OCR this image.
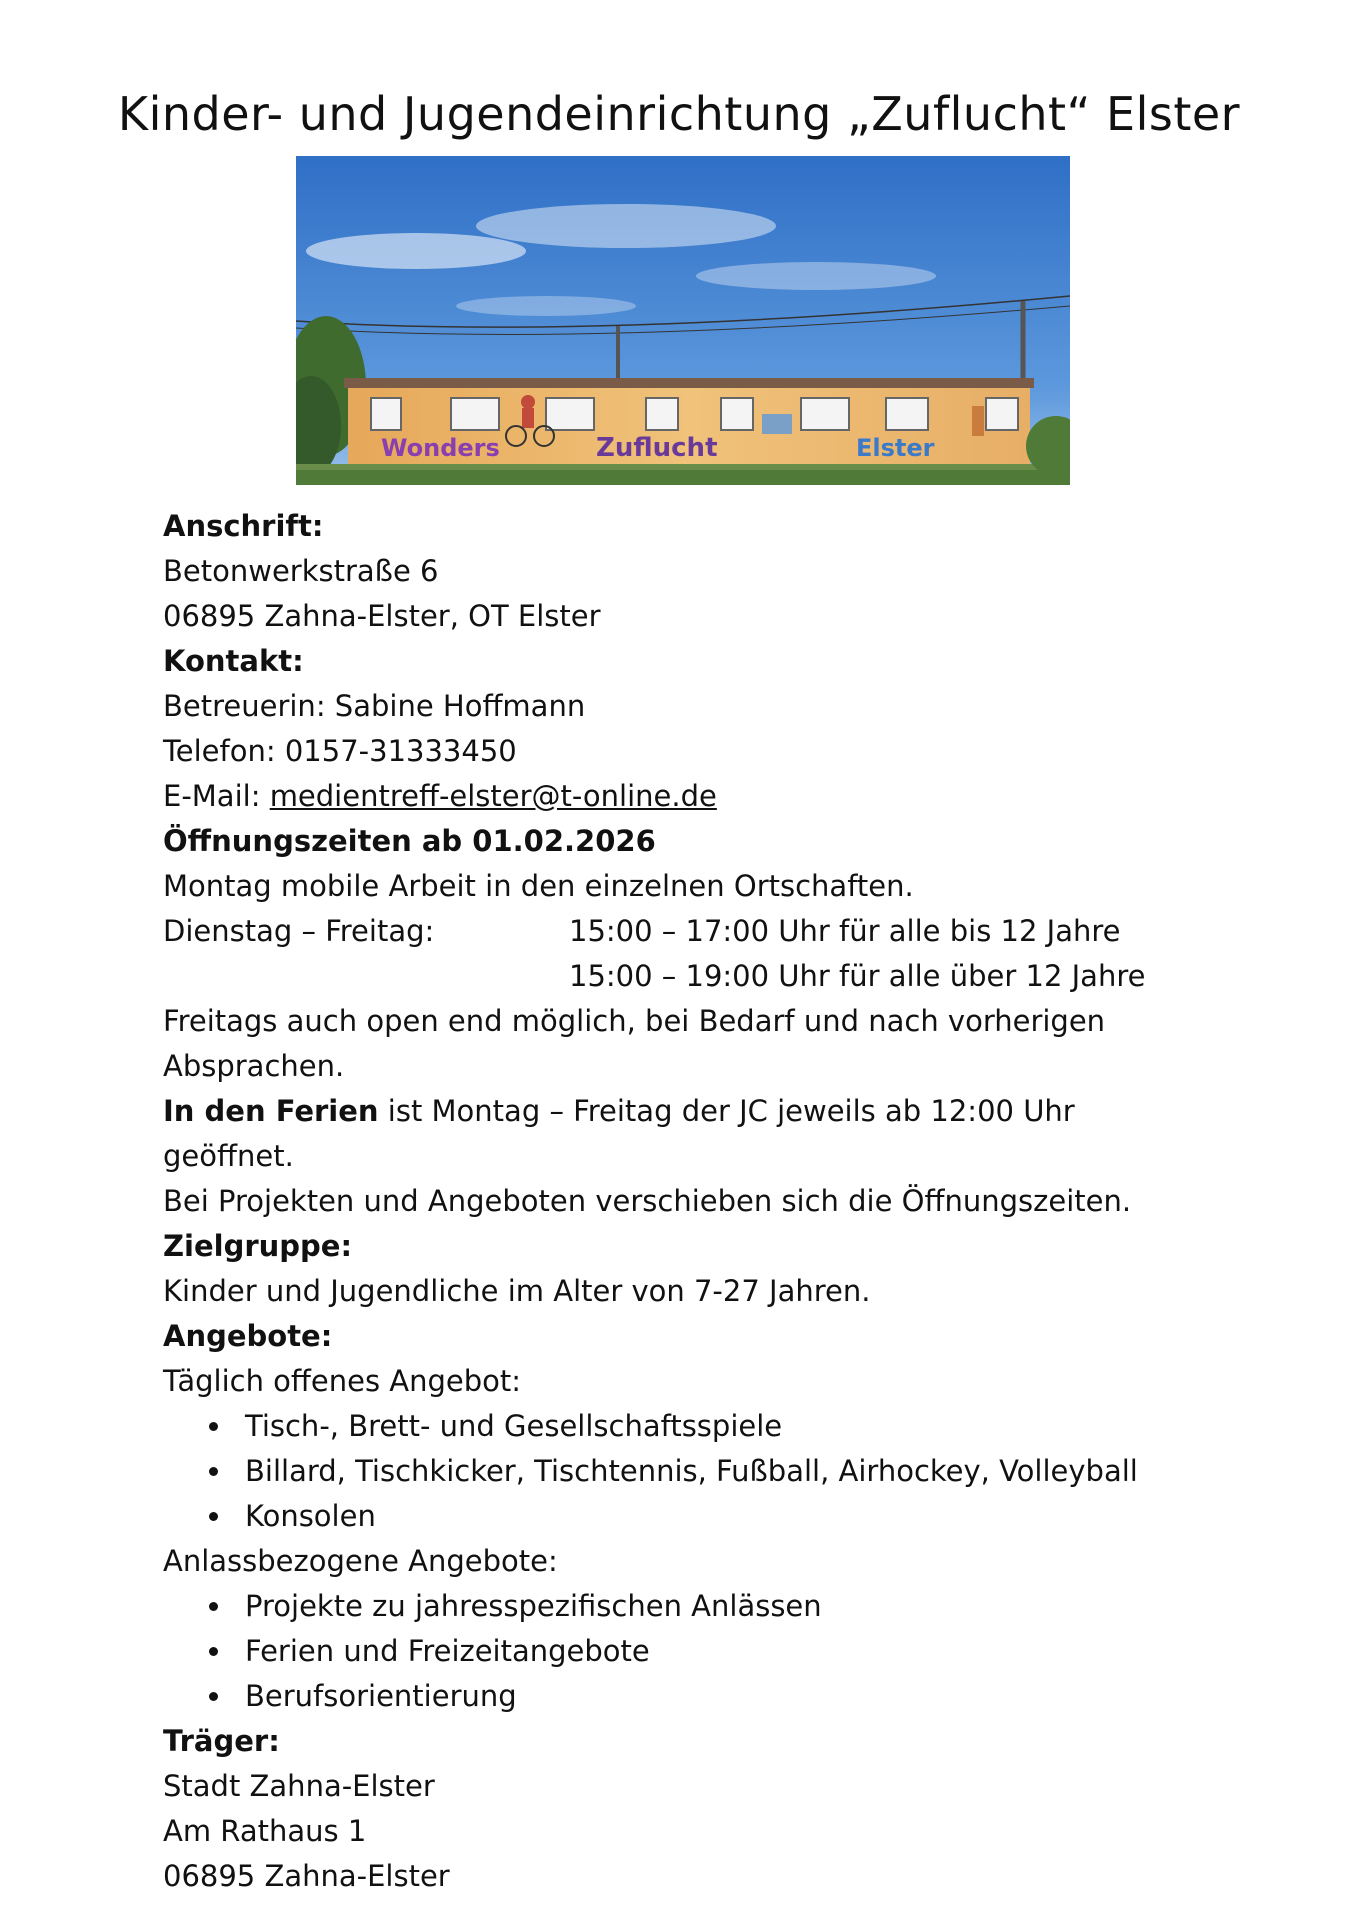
Kinder- und Jugendeinrichtung „Zuflucht“ Elster
Wonders	Zuflucht	Elster
Anschrift:
Betonwerkstraße 6
06895 Zahna-Elster, OT Elster
Kontakt:
Betreuerin: Sabine Hoffmann
Telefon: 0157-31333450
E-Mail: medientreff-elster@t-online.de
Öffnungszeiten ab 01.02.2026
Montag mobile Arbeit in den einzelnen Ortschaften.
Dienstag – Freitag:	15:00 – 17:00 Uhr für alle bis 12 Jahre
15:00 – 19:00 Uhr für alle über 12 Jahre
Freitags auch open end möglich, bei Bedarf und nach vorherigen
Absprachen.
In den Ferien ist Montag – Freitag der JC jeweils ab 12:00 Uhr
geöffnet.
Bei Projekten und Angeboten verschieben sich die Öffnungszeiten.
Zielgruppe:
Kinder und Jugendliche im Alter von 7-27 Jahren.
Angebote:
Täglich offenes Angebot:
Tisch-, Brett- und Gesellschaftsspiele
Billard, Tischkicker, Tischtennis, Fußball, Airhockey, Volleyball
Konsolen
Anlassbezogene Angebote:
Projekte zu jahresspezifischen Anlässen
Ferien und Freizeitangebote
Berufsorientierung
Träger:
Stadt Zahna-Elster
Am Rathaus 1
06895 Zahna-Elster
